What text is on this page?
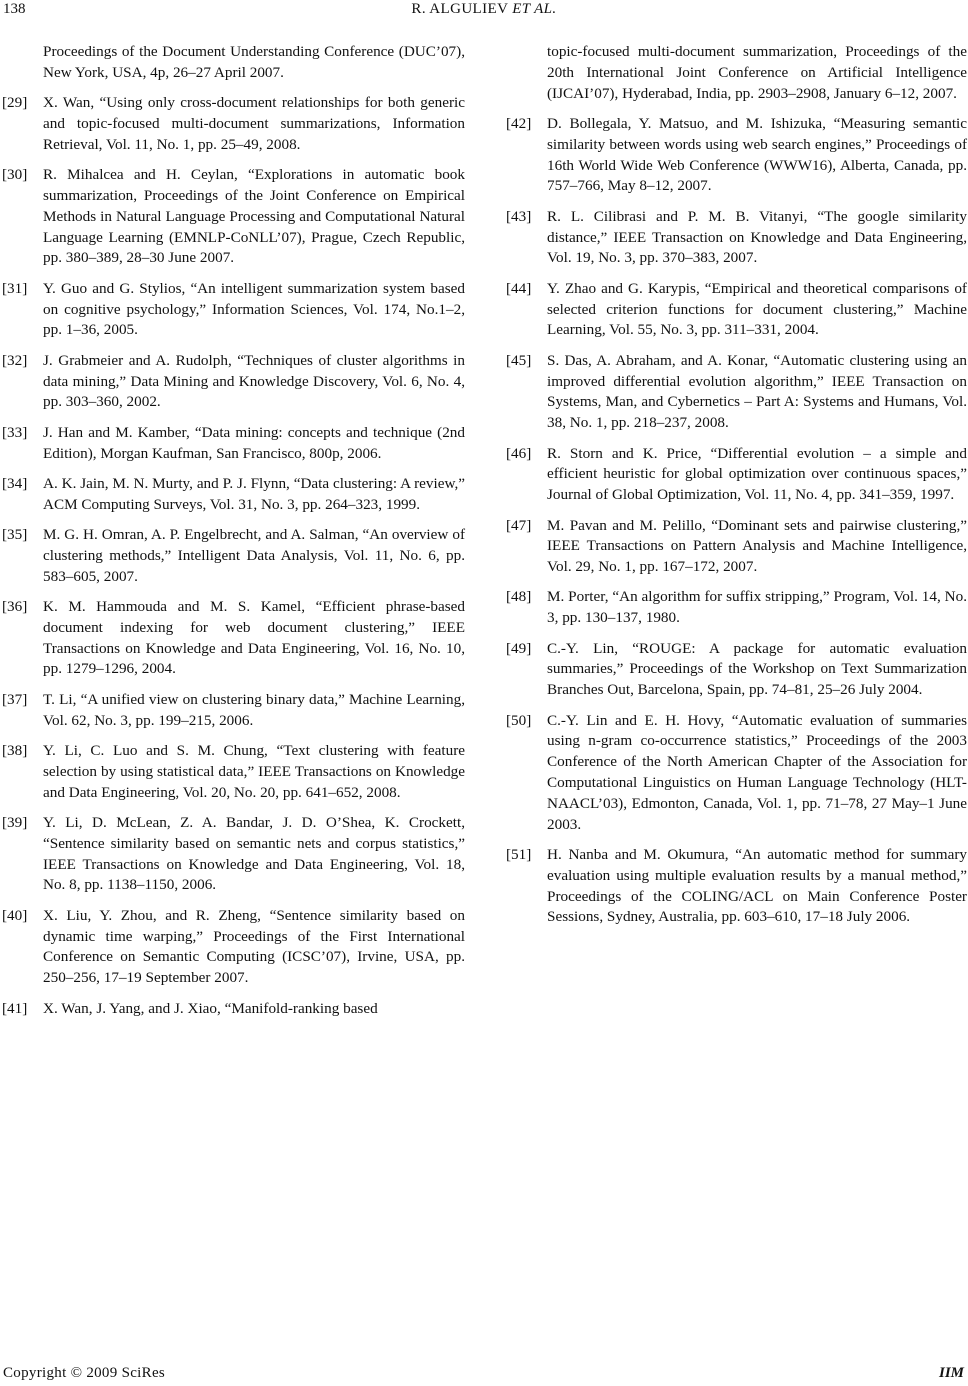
138	R. ALGULIEV ET AL.
Proceedings of the Document Understanding Conference (DUC’07), New York, USA, 4p, 26–27 April 2007.
[29] X. Wan, “Using only cross-document relationships for both generic and topic-focused multi-document summarizations, Information Retrieval, Vol. 11, No. 1, pp. 25–49, 2008.
[30] R. Mihalcea and H. Ceylan, “Explorations in automatic book summarization, Proceedings of the Joint Conference on Empirical Methods in Natural Language Processing and Computational Natural Language Learning (EMNLP-CoNLL’07), Prague, Czech Republic, pp. 380–389, 28–30 June 2007.
[31] Y. Guo and G. Stylios, “An intelligent summarization system based on cognitive psychology,” Information Sciences, Vol. 174, No.1–2, pp. 1–36, 2005.
[32] J. Grabmeier and A. Rudolph, “Techniques of cluster algorithms in data mining,” Data Mining and Knowledge Discovery, Vol. 6, No. 4, pp. 303–360, 2002.
[33] J. Han and M. Kamber, “Data mining: concepts and technique (2nd Edition), Morgan Kaufman, San Francisco, 800p, 2006.
[34] A. K. Jain, M. N. Murty, and P. J. Flynn, “Data clustering: A review,” ACM Computing Surveys, Vol. 31, No. 3, pp. 264–323, 1999.
[35] M. G. H. Omran, A. P. Engelbrecht, and A. Salman, “An overview of clustering methods,” Intelligent Data Analysis, Vol. 11, No. 6, pp. 583–605, 2007.
[36] K. M. Hammouda and M. S. Kamel, “Efficient phrase-based document indexing for web document clustering,” IEEE Transactions on Knowledge and Data Engineering, Vol. 16, No. 10, pp. 1279–1296, 2004.
[37] T. Li, “A unified view on clustering binary data,” Machine Learning, Vol. 62, No. 3, pp. 199–215, 2006.
[38] Y. Li, C. Luo and S. M. Chung, “Text clustering with feature selection by using statistical data,” IEEE Transactions on Knowledge and Data Engineering, Vol. 20, No. 20, pp. 641–652, 2008.
[39] Y. Li, D. McLean, Z. A. Bandar, J. D. O’Shea, K. Crockett, “Sentence similarity based on semantic nets and corpus statistics,” IEEE Transactions on Knowledge and Data Engineering, Vol. 18, No. 8, pp. 1138–1150, 2006.
[40] X. Liu, Y. Zhou, and R. Zheng, “Sentence similarity based on dynamic time warping,” Proceedings of the First International Conference on Semantic Computing (ICSC’07), Irvine, USA, pp. 250–256, 17–19 September 2007.
[41] X. Wan, J. Yang, and J. Xiao, “Manifold-ranking based
topic-focused multi-document summarization, Proceedings of the 20th International Joint Conference on Artificial Intelligence (IJCAI’07), Hyderabad, India, pp. 2903–2908, January 6–12, 2007.
[42] D. Bollegala, Y. Matsuo, and M. Ishizuka, “Measuring semantic similarity between words using web search engines,” Proceedings of 16th World Wide Web Conference (WWW16), Alberta, Canada, pp. 757–766, May 8–12, 2007.
[43] R. L. Cilibrasi and P. M. B. Vitanyi, “The google similarity distance,” IEEE Transaction on Knowledge and Data Engineering, Vol. 19, No. 3, pp. 370–383, 2007.
[44] Y. Zhao and G. Karypis, “Empirical and theoretical comparisons of selected criterion functions for document clustering,” Machine Learning, Vol. 55, No. 3, pp. 311–331, 2004.
[45] S. Das, A. Abraham, and A. Konar, “Automatic clustering using an improved differential evolution algorithm,” IEEE Transaction on Systems, Man, and Cybernetics – Part A: Systems and Humans, Vol. 38, No. 1, pp. 218–237, 2008.
[46] R. Storn and K. Price, “Differential evolution – a simple and efficient heuristic for global optimization over continuous spaces,” Journal of Global Optimization, Vol. 11, No. 4, pp. 341–359, 1997.
[47] M. Pavan and M. Pelillo, “Dominant sets and pairwise clustering,” IEEE Transactions on Pattern Analysis and Machine Intelligence, Vol. 29, No. 1, pp. 167–172, 2007.
[48] M. Porter, “An algorithm for suffix stripping,” Program, Vol. 14, No. 3, pp. 130–137, 1980.
[49] C.-Y. Lin, “ROUGE: A package for automatic evaluation summaries,” Proceedings of the Workshop on Text Summarization Branches Out, Barcelona, Spain, pp. 74–81, 25–26 July 2004.
[50] C.-Y. Lin and E. H. Hovy, “Automatic evaluation of summaries using n-gram co-occurrence statistics,” Proceedings of the 2003 Conference of the North American Chapter of the Association for Computational Linguistics on Human Language Technology (HLT-NAACL’03), Edmonton, Canada, Vol. 1, pp. 71–78, 27 May–1 June 2003.
[51] H. Nanba and M. Okumura, “An automatic method for summary evaluation using multiple evaluation results by a manual method,” Proceedings of the COLING/ACL on Main Conference Poster Sessions, Sydney, Australia, pp. 603–610, 17–18 July 2006.
Copyright © 2009 SciRes	IIM
